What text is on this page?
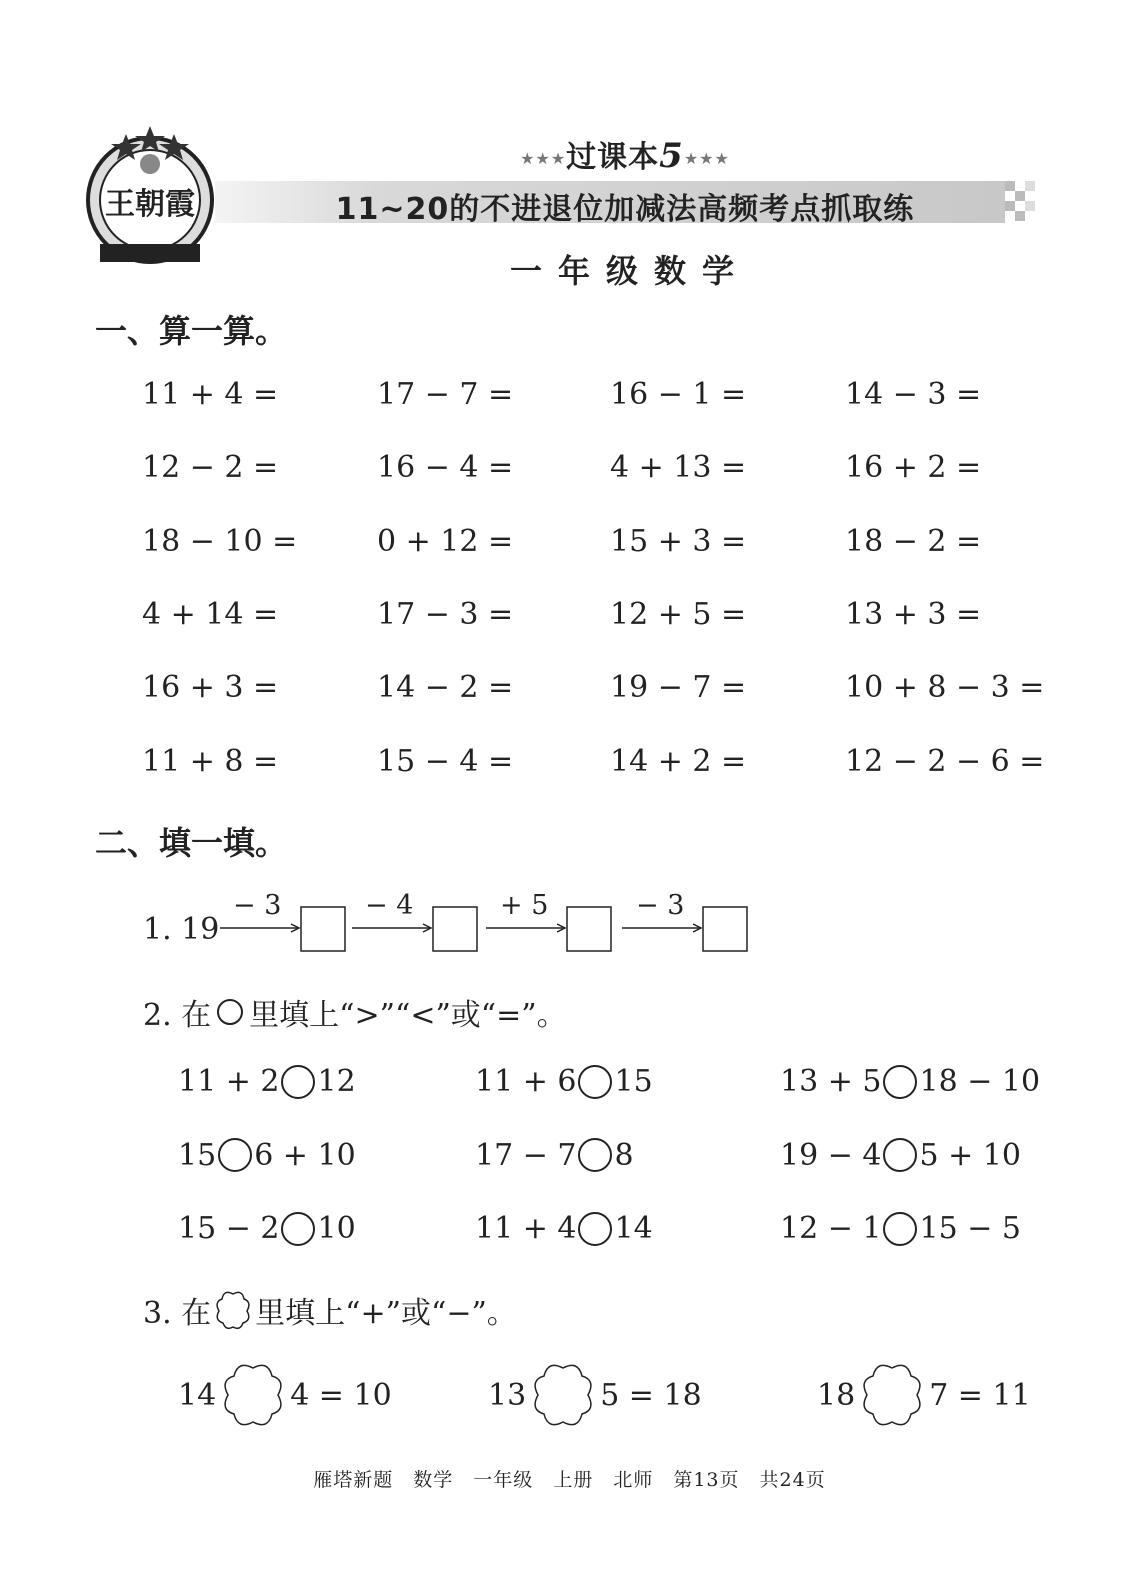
王朝霞
★★★过课本5★★★
11~20的不进退位加减法高频考点抓取练
一年级数学
一、算一算。
11 + 4 =	17 − 7 =	16 − 1 =	14 − 3 =
12 − 2 =	16 − 4 =	4 + 13 =	16 + 2 =
18 − 10 =	0 + 12 =	15 + 3 =	18 − 2 =
4 + 14 =	17 − 3 =	12 + 5 =	13 + 3 =
16 + 3 =	14 − 2 =	19 − 7 =	10 + 8 − 3 =
11 + 8 =	15 − 4 =	14 + 2 =	12 − 2 − 6 =
二、填一填。
1. 19
− 3	− 4	+ 5	− 3
2. 在 里填上“>”“<”或“=”。
11 + 2 12	11 + 6 15	13 + 5 18 − 10
15 6 + 10	17 − 7 8	19 − 4 5 + 10
15 − 2 10	11 + 4 14	12 − 1 15 − 5
3. 在 里填上“+”或“−”。
14 4 = 10	13 5 = 18	18 7 = 11
雁塔新题 数学 一年级 上册 北师 第13页 共24页
